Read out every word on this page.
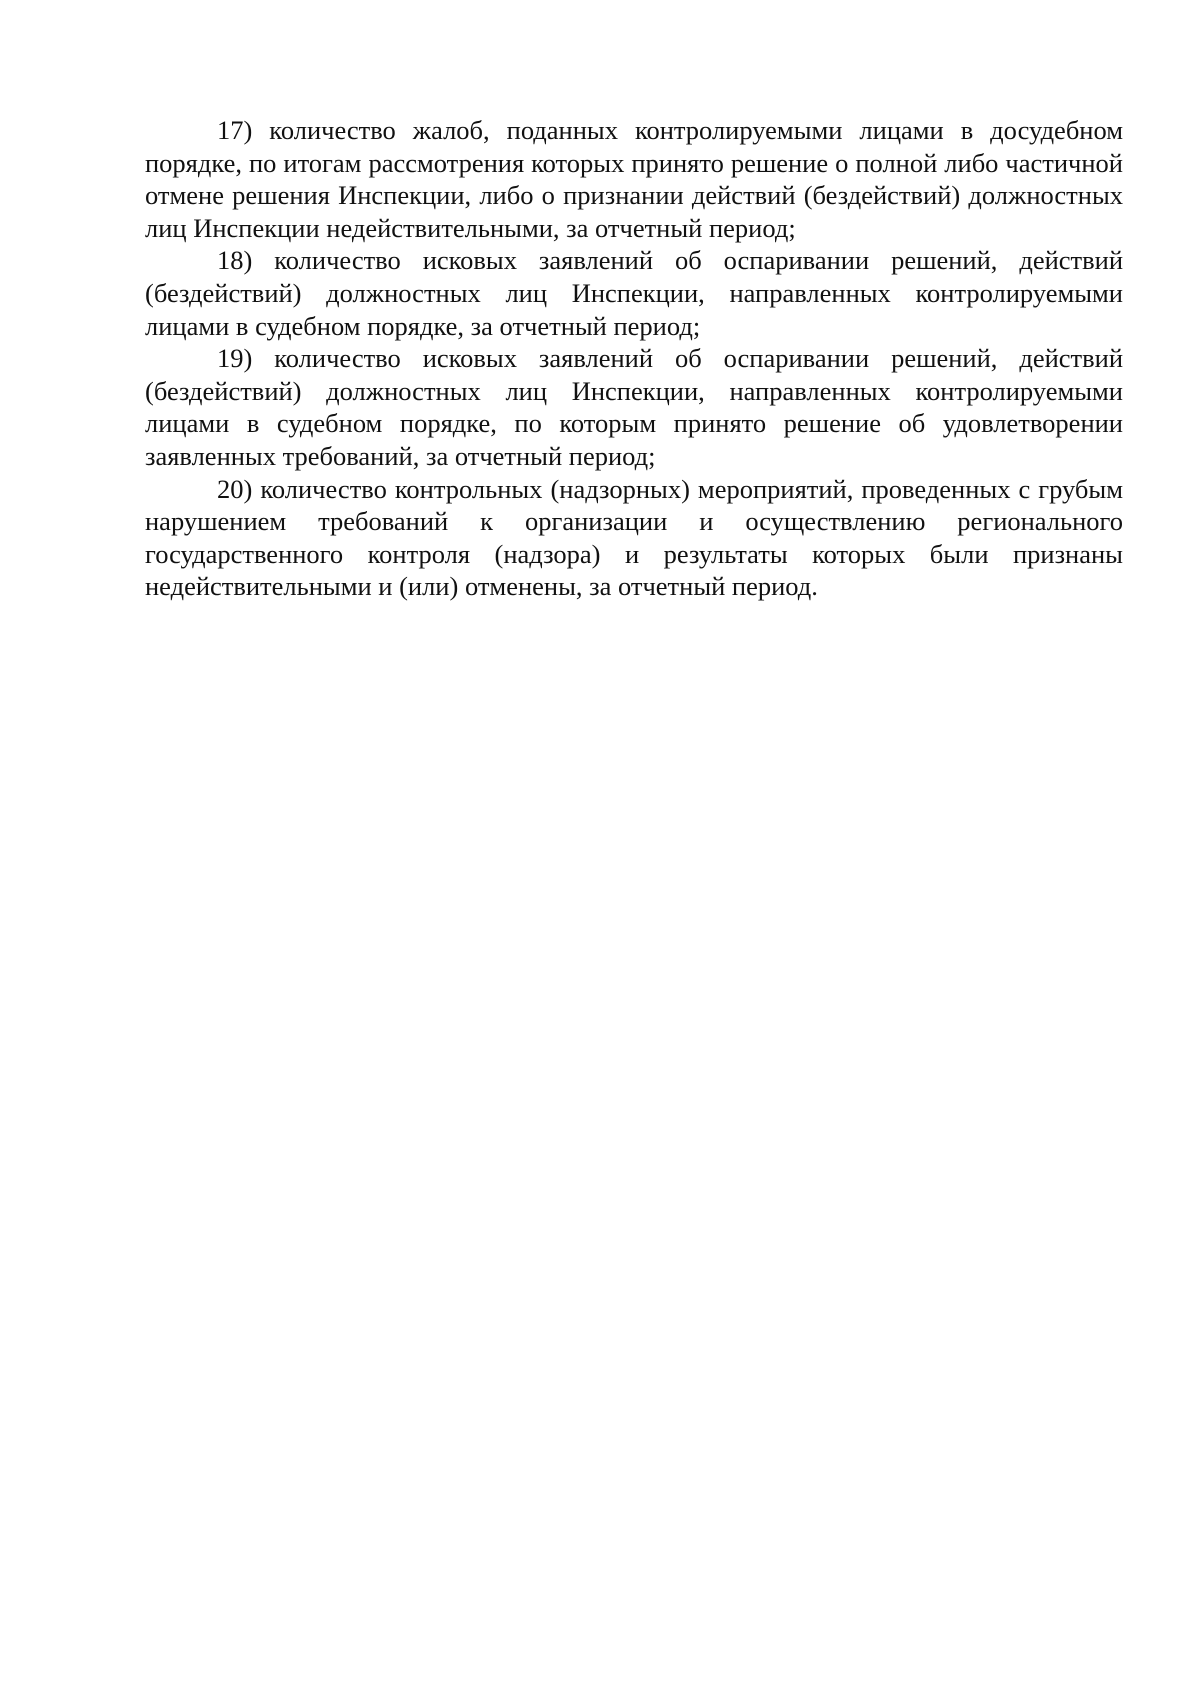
17) количество жалоб, поданных контролируемыми лицами в досудебном порядке, по итогам рассмотрения которых принято решение о полной либо частичной отмене решения Инспекции, либо о признании действий (бездействий) должностных лиц Инспекции недействительными, за отчетный период;

18) количество исковых заявлений об оспаривании решений, действий (бездействий) должностных лиц Инспекции, направленных контролируемыми лицами в судебном порядке, за отчетный период;

19) количество исковых заявлений об оспаривании решений, действий (бездействий) должностных лиц Инспекции, направленных контролируемыми лицами в судебном порядке, по которым принято решение об удовлетворении заявленных требований, за отчетный период;

20) количество контрольных (надзорных) мероприятий, проведенных с грубым нарушением требований к организации и осуществлению регионального государственного контроля (надзора) и результаты которых были признаны недействительными и (или) отменены, за отчетный период.
